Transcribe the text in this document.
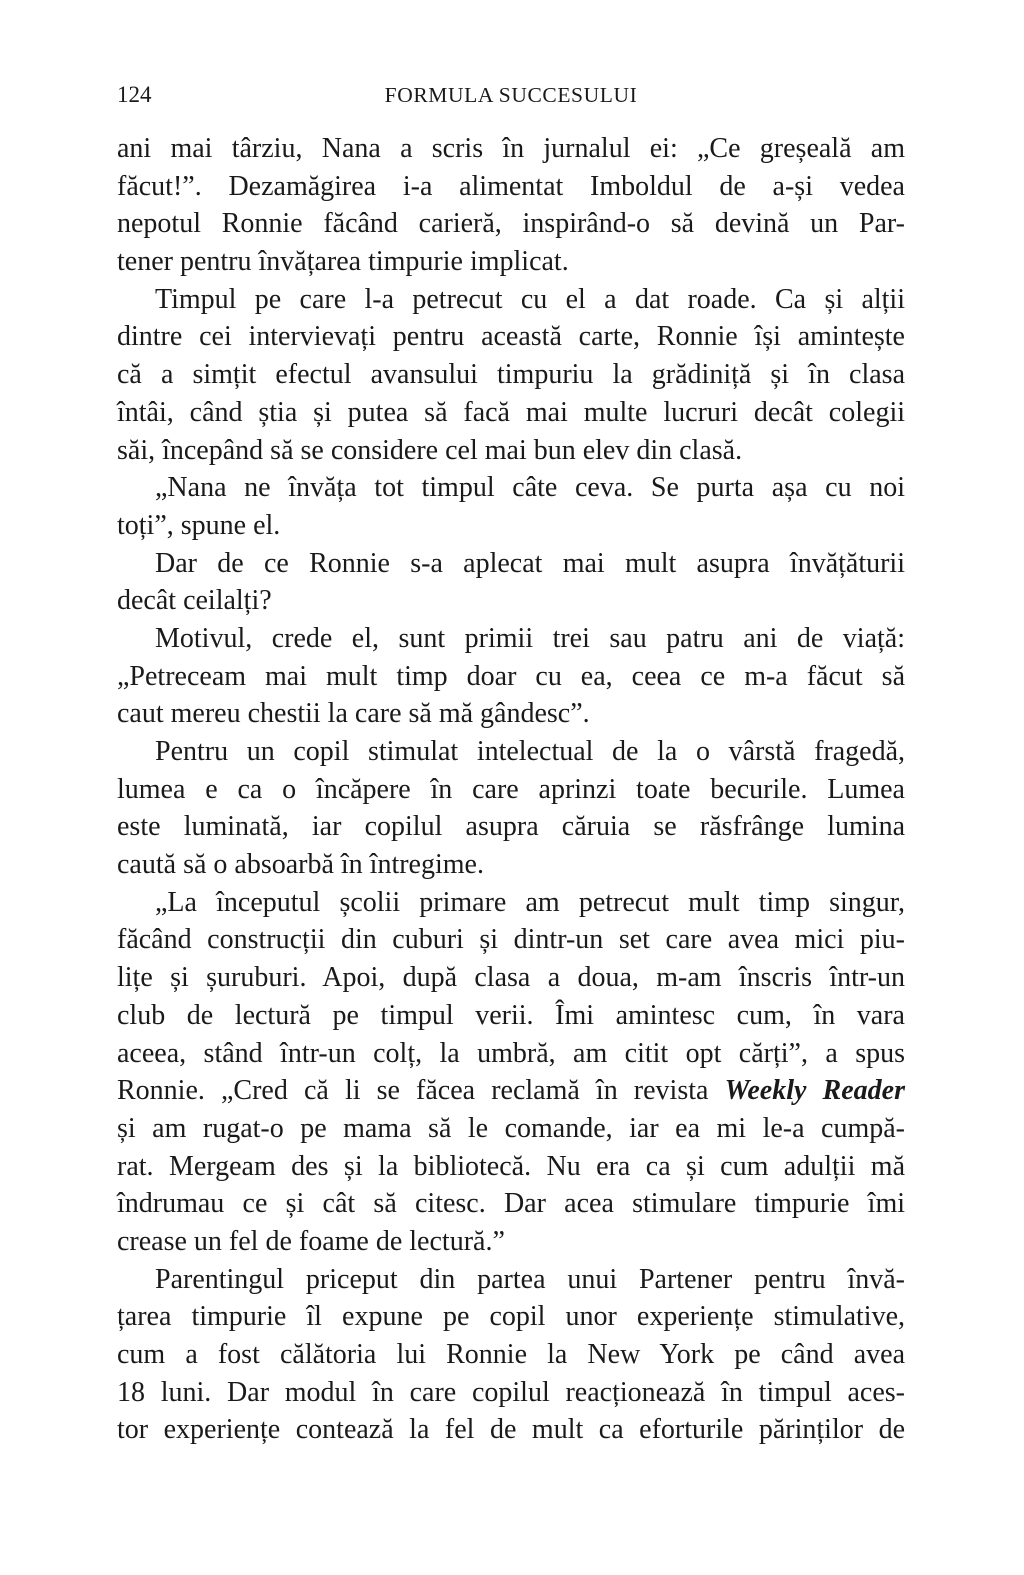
124	FORMULA SUCCESULUI

ani mai târziu, Nana a scris în jurnalul ei: „Ce greșeală am
făcut!”. Dezamăgirea i-a alimentat Imboldul de a-și vedea
nepotul Ronnie făcând carieră, inspirând-o să devină un Par-
tener pentru învățarea timpurie implicat.

Timpul pe care l-a petrecut cu el a dat roade. Ca și alții
dintre cei intervievați pentru această carte, Ronnie își amintește
că a simțit efectul avansului timpuriu la grădiniță și în clasa
întâi, când știa și putea să facă mai multe lucruri decât colegii
săi, începând să se considere cel mai bun elev din clasă.

„Nana ne învăța tot timpul câte ceva. Se purta așa cu noi
toți”, spune el.

Dar de ce Ronnie s-a aplecat mai mult asupra învățăturii
decât ceilalți?

Motivul, crede el, sunt primii trei sau patru ani de viață:
„Petreceam mai mult timp doar cu ea, ceea ce m-a făcut să
caut mereu chestii la care să mă gândesc”.

Pentru un copil stimulat intelectual de la o vârstă fragedă,
lumea e ca o încăpere în care aprinzi toate becurile. Lumea
este luminată, iar copilul asupra căruia se răsfrânge lumina
caută să o absoarbă în întregime.

„La începutul școlii primare am petrecut mult timp singur,
făcând construcții din cuburi și dintr-un set care avea mici piu-
lițe și șuruburi. Apoi, după clasa a doua, m-am înscris într-un
club de lectură pe timpul verii. Îmi amintesc cum, în vara
aceea, stând într-un colț, la umbră, am citit opt cărți”, a spus
Ronnie. „Cred că li se făcea reclamă în revista Weekly Reader
și am rugat-o pe mama să le comande, iar ea mi le-a cumpă-
rat. Mergeam des și la bibliotecă. Nu era ca și cum adulții mă
îndrumau ce și cât să citesc. Dar acea stimulare timpurie îmi
crease un fel de foame de lectură.”

Parentingul priceput din partea unui Partener pentru învă-
țarea timpurie îl expune pe copil unor experiențe stimulative,
cum a fost călătoria lui Ronnie la New York pe când avea
18 luni. Dar modul în care copilul reacționează în timpul aces-
tor experiențe contează la fel de mult ca eforturile părinților de
